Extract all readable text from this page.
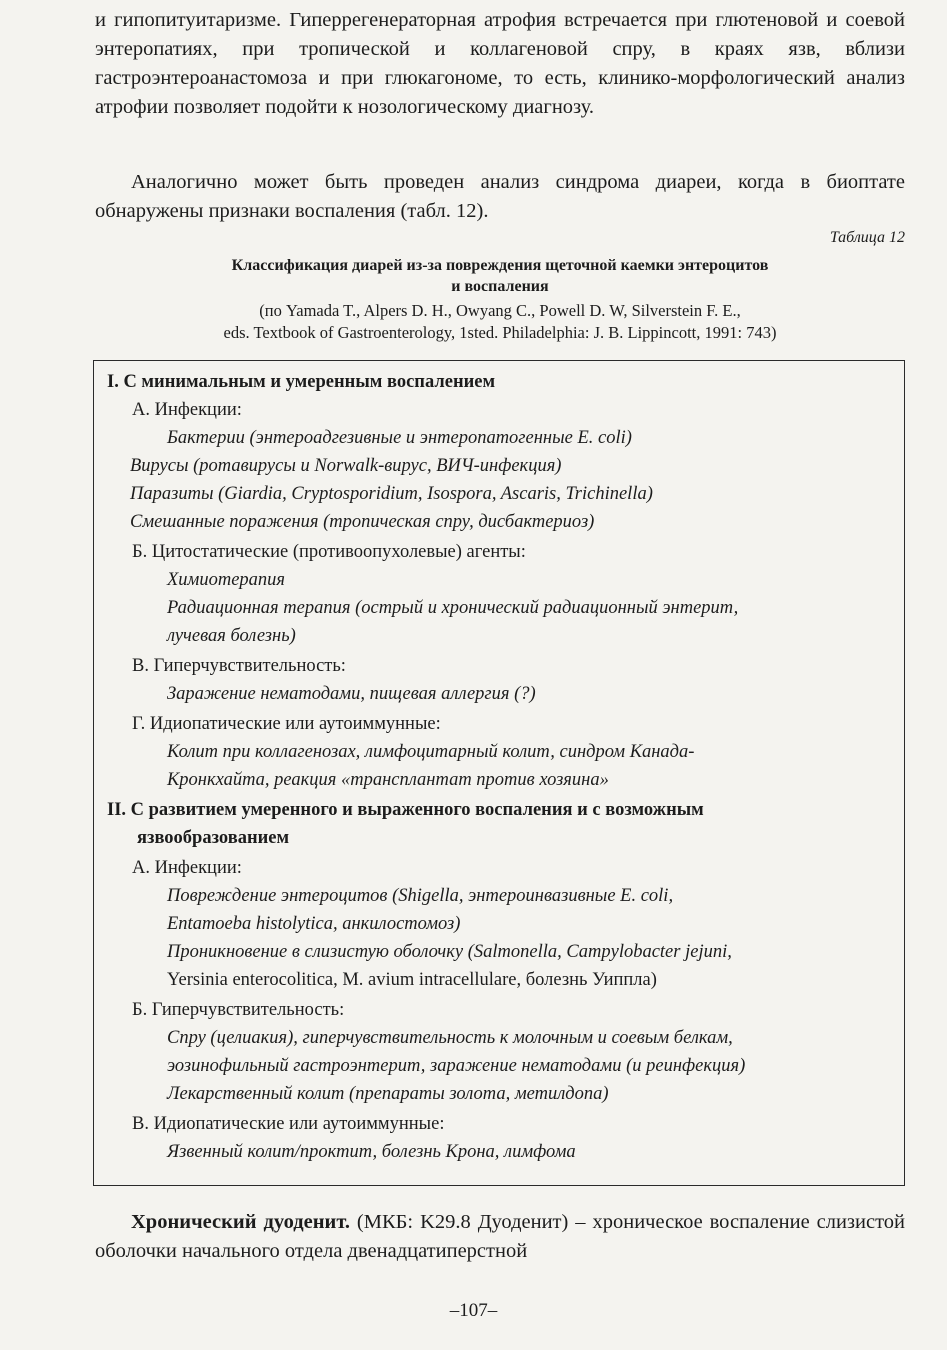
и гипопитуитаризме. Гиперрегенераторная атрофия встречается при глютеновой и соевой энтеропатиях, при тропической и коллагеновой спру, в краях язв, вблизи гастроэнтероанастомоза и при глюкагономе, то есть, клинико-морфологический анализ атрофии позволяет подойти к нозологическому диагнозу.

Аналогично может быть проведен анализ синдрома диареи, когда в биоптате обнаружены признаки воспаления (табл. 12).

Таблица 12

Классификация диарей из-за повреждения щеточной каемки энтероцитов
и воспаления

(по Yamada T., Alpers D. H., Owyang C., Powell D. W, Silverstein F. E.,
eds. Textbook of Gastroenterology, 1sted. Philadelphia: J. B. Lippincott, 1991: 743)

I. С минимальным и умеренным воспалением

А. Инфекции:

Бактерии (энтероадгезивные и энтеропатогенные E. coli)

Вирусы (ротавирусы и Norwalk-вирус, ВИЧ-инфекция)

Паразиты (Giardia, Cryptosporidium, Isospora, Ascaris, Trichinella)

Смешанные поражения (тропическая спру, дисбактериоз)

Б. Цитостатические (противоопухолевые) агенты:

Химиотерапия

Радиационная терапия (острый и хронический радиационный энтерит,

лучевая болезнь)

В. Гиперчувствительность:

Заражение нематодами, пищевая аллергия (?)

Г. Идиопатические или аутоиммунные:

Колит при коллагенозах, лимфоцитарный колит, синдром Канада-

Кронкхайта, реакция «трансплантат против хозяина»

II. С развитием умеренного и выраженного воспаления и с возможным

язвообразованием

А. Инфекции:

Повреждение энтероцитов (Shigella, энтероинвазивные E. coli,

Entamoeba histolytica, анкилостомоз)

Проникновение в слизистую оболочку (Salmonella, Campylobacter jejuni,

Yersinia enterocolitica, M. avium intracellulare, болезнь Уиппла)

Б. Гиперчувствительность:

Спру (целиакия), гиперчувствительность к молочным и соевым белкам,

эозинофильный гастроэнтерит, заражение нематодами (и реинфекция)

Лекарственный колит (препараты золота, метилдопа)

В. Идиопатические или аутоиммунные:

Язвенный колит/проктит, болезнь Крона, лимфома

Хронический дуоденит. (МКБ: K29.8 Дуоденит) – хроническое воспаление слизистой оболочки начального отдела двенадцатиперстной

–107–
